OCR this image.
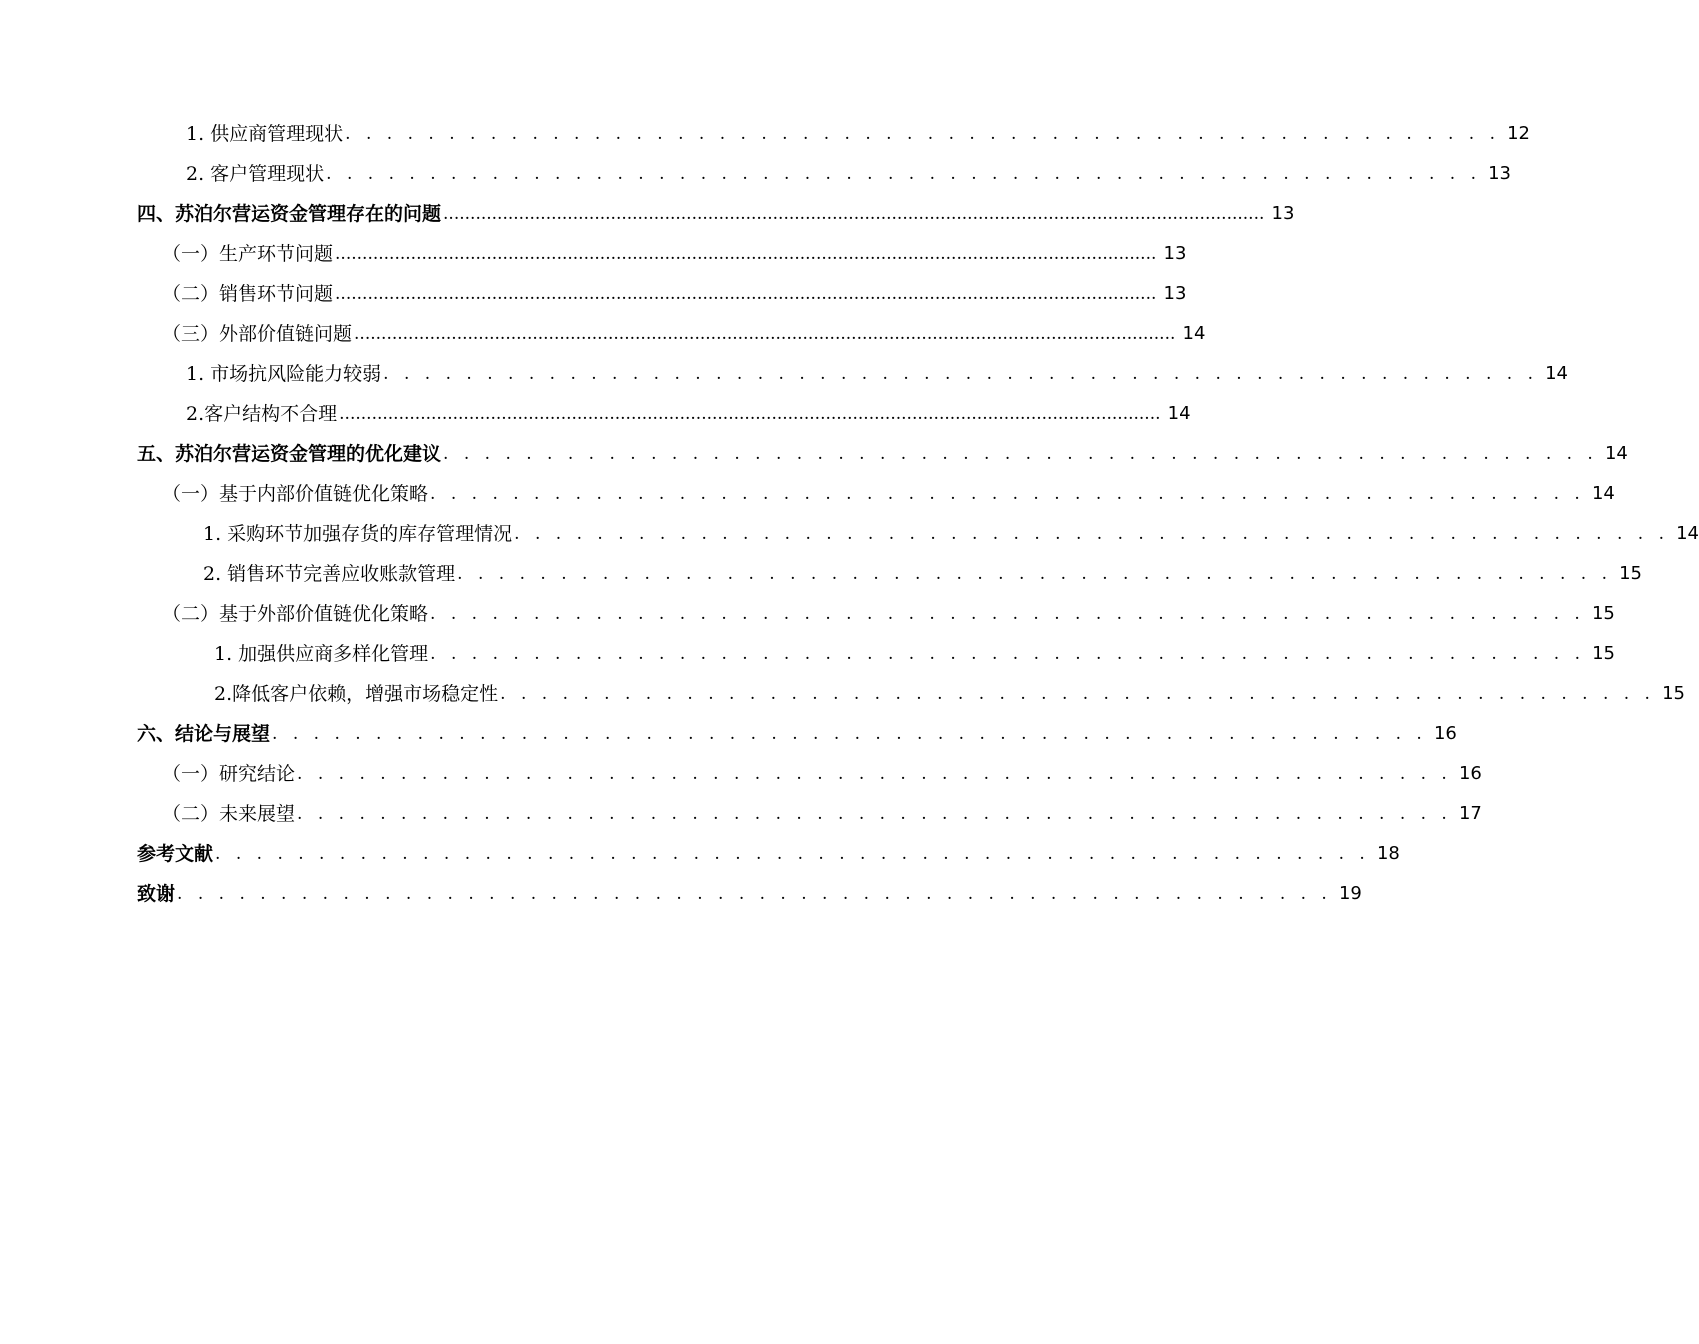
1. 供应商管理现状 . . . . . . . . . . . . . . . . . . . . . . . . . . . . . . . . . . . . . . . . . . . . . . . . . . . . . . . . 12
2. 客户管理现状 . . . . . . . . . . . . . . . . . . . . . . . . . . . . . . . . . . . . . . . . . . . . . . . . . . . . . . . . 13
四、苏泊尔营运资金管理存在的问题 ........................................................................................................................................................ 13
（一）生产环节问题 ........................................................................................................................................................ 13
（二）销售环节问题 ........................................................................................................................................................ 13
（三）外部价值链问题 ........................................................................................................................................................ 14
1. 市场抗风险能力较弱 . . . . . . . . . . . . . . . . . . . . . . . . . . . . . . . . . . . . . . . . . . . . . . . . . . . . . . . . 14
2.客户结构不合理 ........................................................................................................................................................ 14
五、苏泊尔营运资金管理的优化建议 . . . . . . . . . . . . . . . . . . . . . . . . . . . . . . . . . . . . . . . . . . . . . . . . . . . . . . . . 14
（一）基于内部价值链优化策略 . . . . . . . . . . . . . . . . . . . . . . . . . . . . . . . . . . . . . . . . . . . . . . . . . . . . . . . . 14
1. 采购环节加强存货的库存管理情况 . . . . . . . . . . . . . . . . . . . . . . . . . . . . . . . . . . . . . . . . . . . . . . . . . . . . . . . . 14
2. 销售环节完善应收账款管理 . . . . . . . . . . . . . . . . . . . . . . . . . . . . . . . . . . . . . . . . . . . . . . . . . . . . . . . . 15
（二）基于外部价值链优化策略 . . . . . . . . . . . . . . . . . . . . . . . . . . . . . . . . . . . . . . . . . . . . . . . . . . . . . . . . 15
1. 加强供应商多样化管理 . . . . . . . . . . . . . . . . . . . . . . . . . . . . . . . . . . . . . . . . . . . . . . . . . . . . . . . . 15
2.降低客户依赖，增强市场稳定性 . . . . . . . . . . . . . . . . . . . . . . . . . . . . . . . . . . . . . . . . . . . . . . . . . . . . . . . . 15
六、结论与展望 . . . . . . . . . . . . . . . . . . . . . . . . . . . . . . . . . . . . . . . . . . . . . . . . . . . . . . . . 16
（一）研究结论 . . . . . . . . . . . . . . . . . . . . . . . . . . . . . . . . . . . . . . . . . . . . . . . . . . . . . . . . 16
（二）未来展望 . . . . . . . . . . . . . . . . . . . . . . . . . . . . . . . . . . . . . . . . . . . . . . . . . . . . . . . . 17
参考文献 . . . . . . . . . . . . . . . . . . . . . . . . . . . . . . . . . . . . . . . . . . . . . . . . . . . . . . . . 18
致谢 . . . . . . . . . . . . . . . . . . . . . . . . . . . . . . . . . . . . . . . . . . . . . . . . . . . . . . . . 19
